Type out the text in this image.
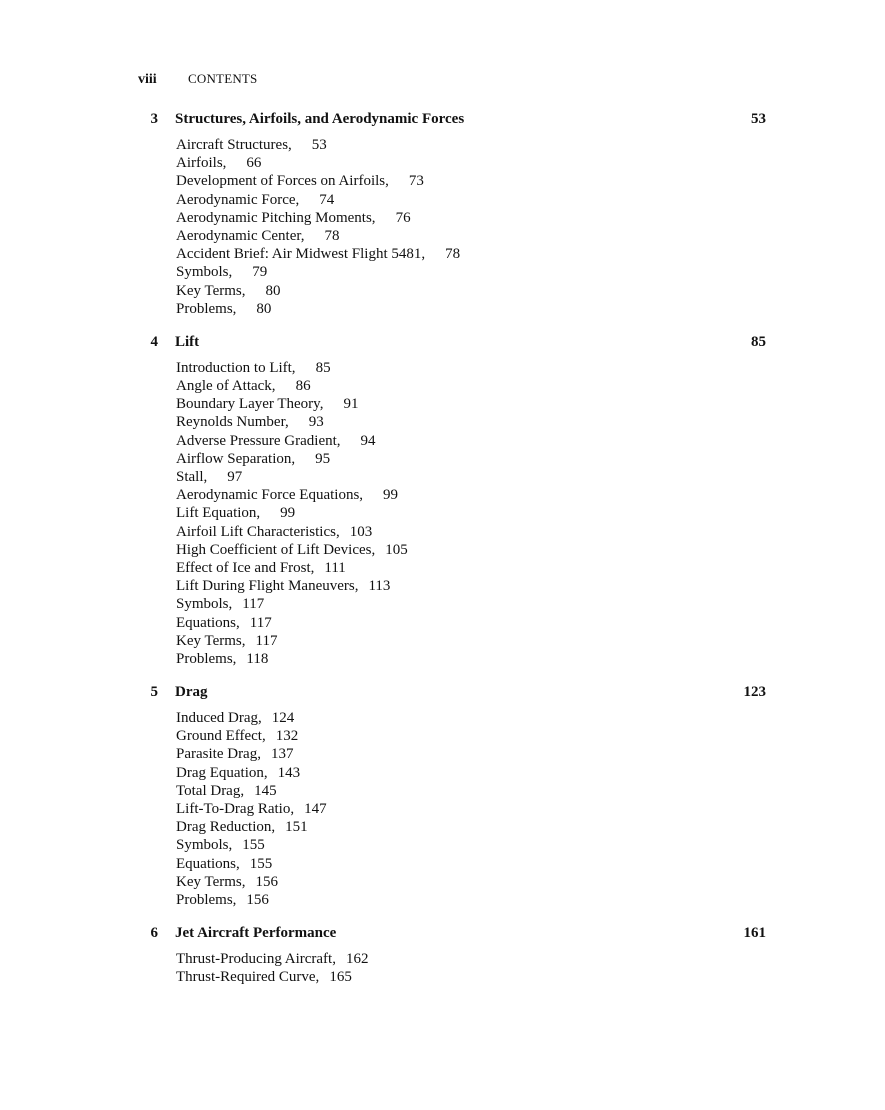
viii CONTENTS
3 Structures, Airfoils, and Aerodynamic Forces	53
Aircraft Structures, 53
Airfoils, 66
Development of Forces on Airfoils, 73
Aerodynamic Force, 74
Aerodynamic Pitching Moments, 76
Aerodynamic Center, 78
Accident Brief: Air Midwest Flight 5481, 78
Symbols, 79
Key Terms, 80
Problems, 80
4 Lift	85
Introduction to Lift, 85
Angle of Attack, 86
Boundary Layer Theory, 91
Reynolds Number, 93
Adverse Pressure Gradient, 94
Airflow Separation, 95
Stall, 97
Aerodynamic Force Equations, 99
Lift Equation, 99
Airfoil Lift Characteristics, 103
High Coefficient of Lift Devices, 105
Effect of Ice and Frost, 111
Lift During Flight Maneuvers, 113
Symbols, 117
Equations, 117
Key Terms, 117
Problems, 118
5 Drag	123
Induced Drag, 124
Ground Effect, 132
Parasite Drag, 137
Drag Equation, 143
Total Drag, 145
Lift-To-Drag Ratio, 147
Drag Reduction, 151
Symbols, 155
Equations, 155
Key Terms, 156
Problems, 156
6 Jet Aircraft Performance	161
Thrust-Producing Aircraft, 162
Thrust-Required Curve, 165
